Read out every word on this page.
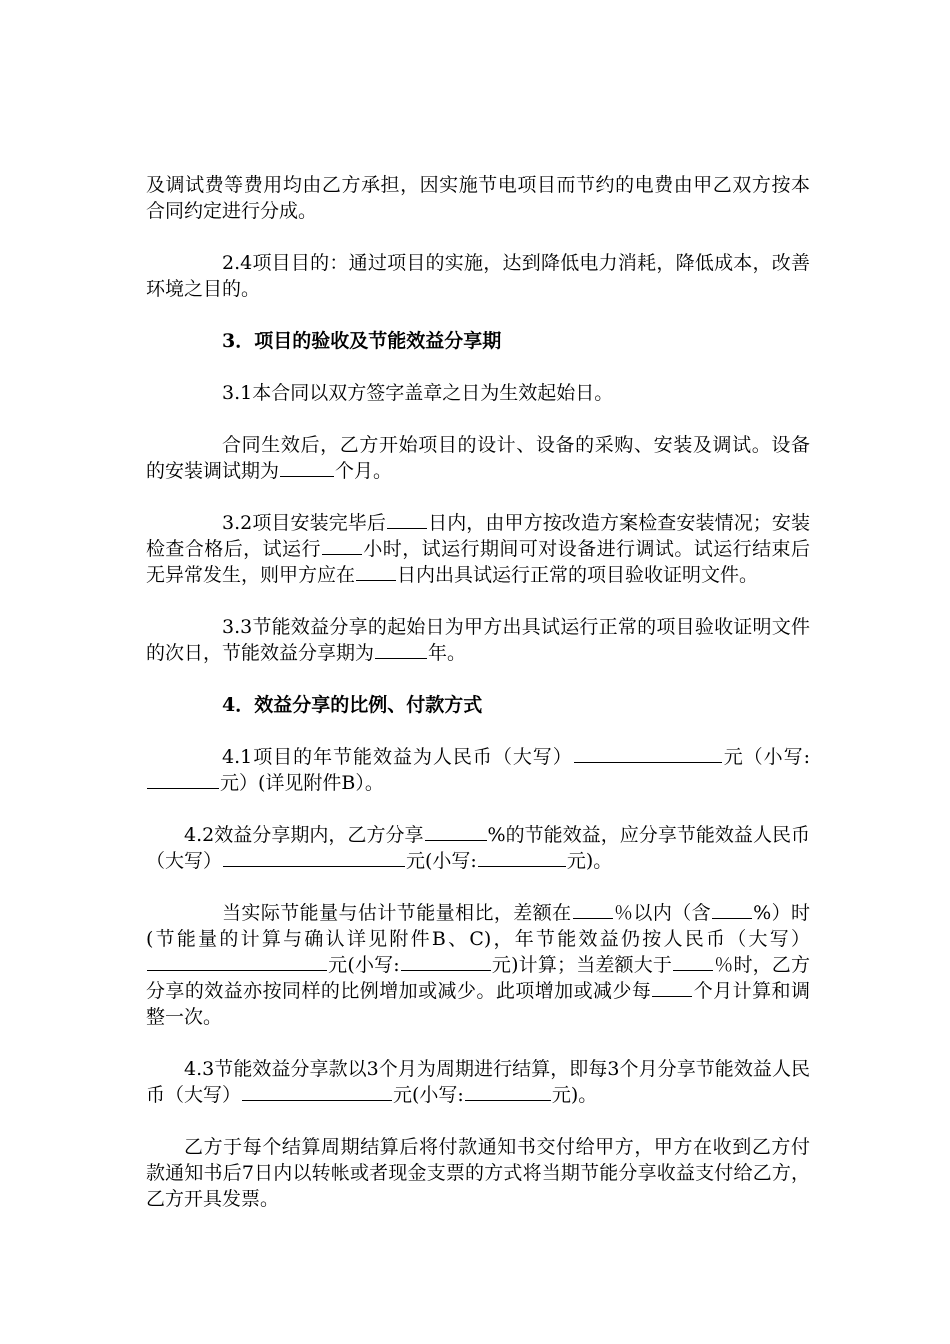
及调试费等费用均由乙方承担，因实施节电项目而节约的电费由甲乙双方按本合同约定进行分成。

2.4项目目的：通过项目的实施，达到降低电力消耗，降低成本，改善环境之目的。

3．项目的验收及节能效益分享期

3.1本合同以双方签字盖章之日为生效起始日。

合同生效后，乙方开始项目的设计、设备的采购、安装及调试。设备的安装调试期为	个月。

3.2项目安装完毕后 日内，由甲方按改造方案检查安装情况；安装检查合格后，试运行 小时，试运行期间可对设备进行调试。试运行结束后无异常发生，则甲方应在 日内出具试运行正常的项目验收证明文件。

3.3节能效益分享的起始日为甲方出具试运行正常的项目验收证明文件的次日，节能效益分享期为	年。

4．效益分享的比例、付款方式

4.1项目的年节能效益为人民币（大写）	元（小写:元）(详见附件B）。

4.2效益分享期内，乙方分享	%的节能效益，应分享节能效益人民币（大写）	元(小写:	元)。

当实际节能量与估计节能量相比，差额在 ％以内（含 %）时(节能量的计算与确认详见附件B、C)，年节能效益仍按人民币（大写）元(小写:	元)计算；当差额大于 ％时，乙方分享的效益亦按同样的比例增加或减少。此项增加或减少每 个月计算和调整一次。

4.3节能效益分享款以3个月为周期进行结算，即每3个月分享节能效益人民币（大写）	元(小写:	元)。

乙方于每个结算周期结算后将付款通知书交付给甲方，甲方在收到乙方付款通知书后7日内以转帐或者现金支票的方式将当期节能分享收益支付给乙方，乙方开具发票。
